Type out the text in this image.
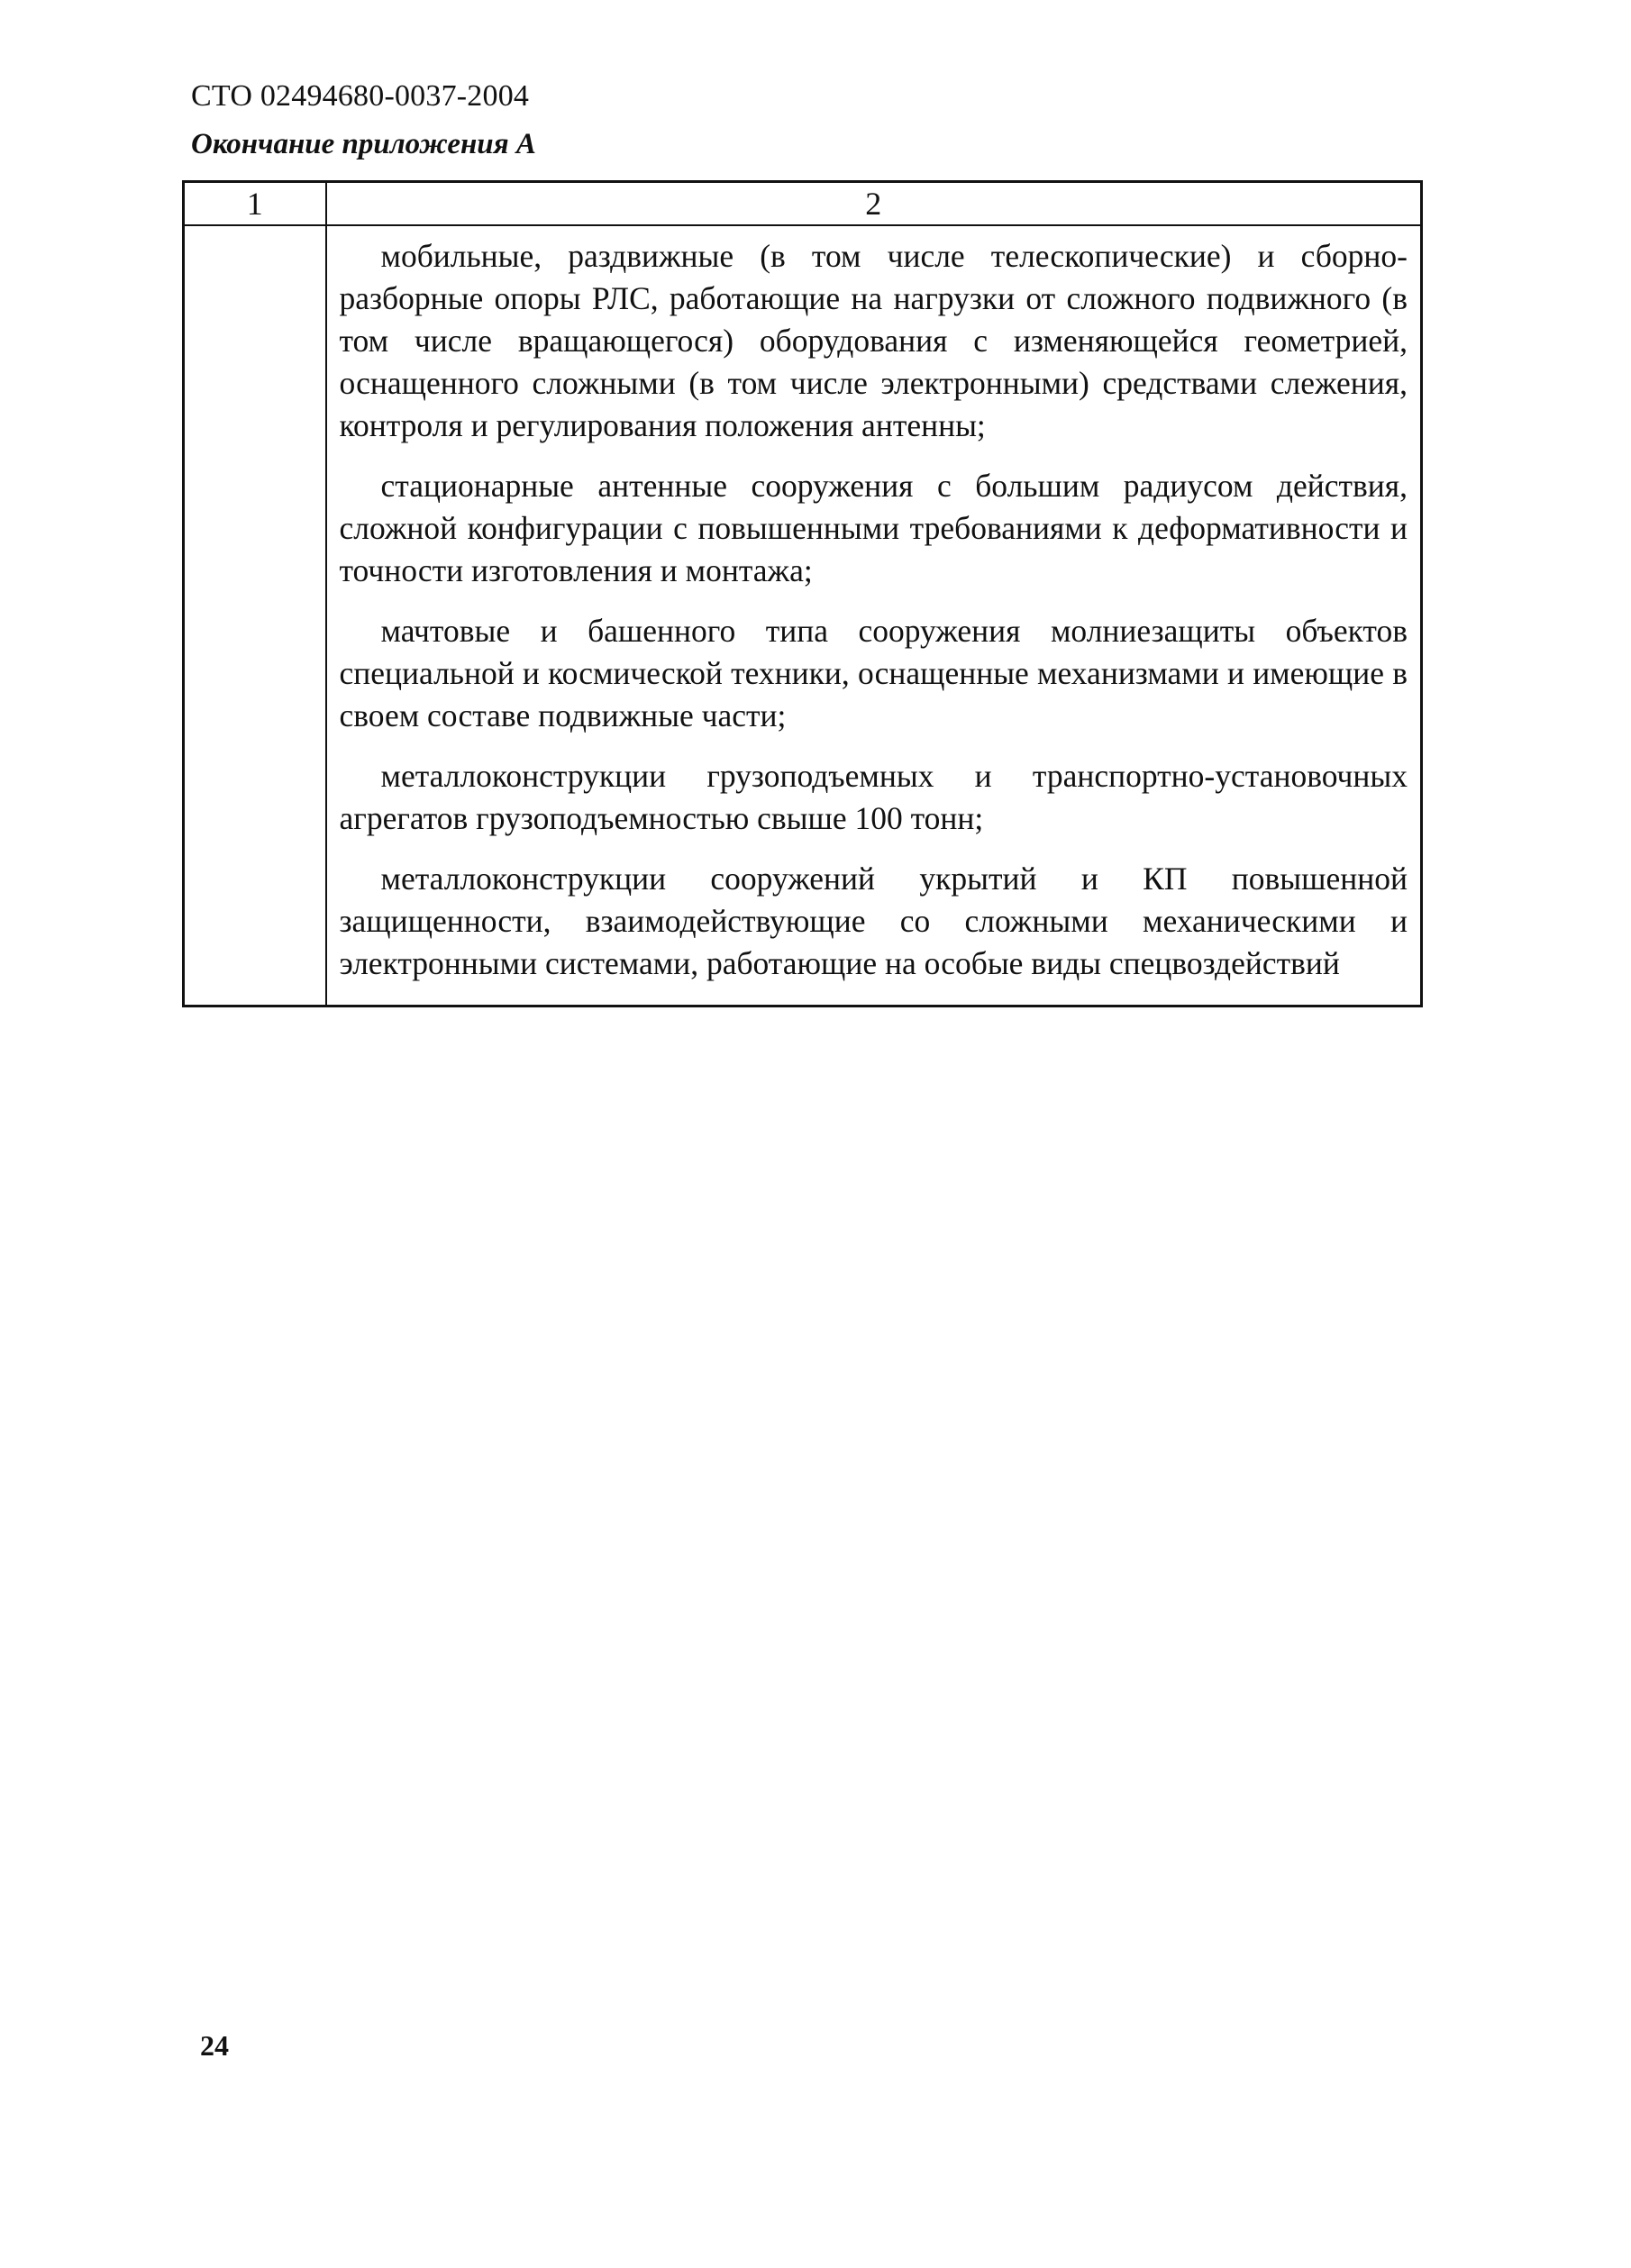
СТО 02494680-0037-2004
Окончание приложения А
1	2

	мобильные, раздвижные (в том числе телескопические) и сборно-разборные опоры РЛС, работающие на нагрузки от сложного подвижного (в том числе вращающегося) оборудования с изменяющейся геометрией, оснащенного сложными (в том числе электронными) средствами слежения, контроля и регулирования положения антенны;

стационарные антенные сооружения с большим радиусом действия, сложной конфигурации с повышенными требованиями к деформативности и точности изготовления и монтажа;

мачтовые и башенного типа сооружения молниезащиты объектов специальной и космической техники, оснащенные механизмами и имеющие в своем составе подвижные части;

металлоконструкции грузоподъемных и транспортно-установочных агрегатов грузоподъемностью свыше 100 тонн;

металлоконструкции сооружений укрытий и КП повышенной защищенности, взаимодействующие со сложными механическими и электронными системами, работающие на особые виды спецвоздействий

24
